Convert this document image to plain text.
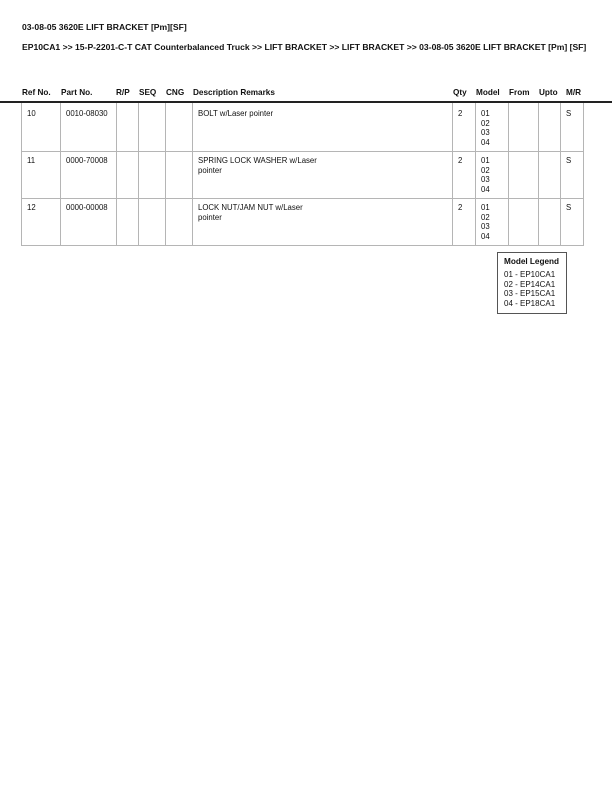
03-08-05 3620E LIFT BRACKET [Pm][SF]
EP10CA1 >> 15-P-2201-C-T CAT Counterbalanced Truck >> LIFT BRACKET >> LIFT BRACKET >> 03-08-05 3620E LIFT BRACKET [Pm] [SF]
Ref No. Part No.	R/P SEQ CNG Description Remarks	Qty Model From Upto M/R
10	0010-08030				BOLT w/Laser pointer	2	01
02
03
04			S
11	0000-70008				SPRING LOCK WASHER w/Laser pointer	2	01
02
03
04			S
12	0000-00008				LOCK NUT/JAM NUT w/Laser pointer	2	01
02
03
04			S
Model Legend
01 - EP10CA1
02 - EP14CA1
03 - EP15CA1
04 - EP18CA1
